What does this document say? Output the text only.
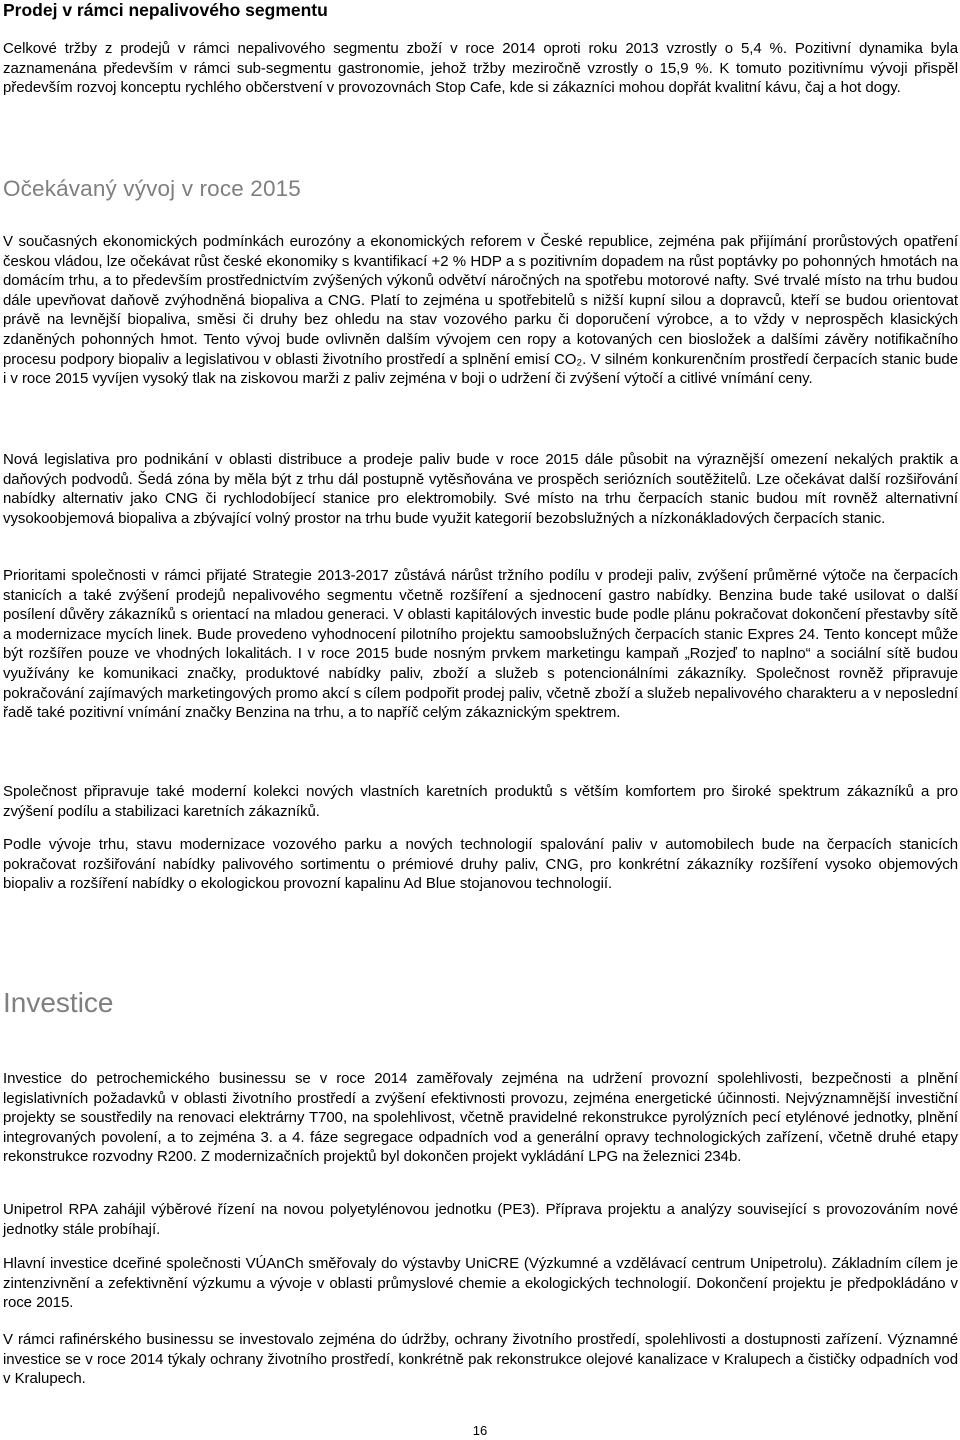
Prodej v rámci nepalivového segmentu

Celkové tržby z prodejů v rámci nepalivového segmentu zboží v roce 2014 oproti roku 2013 vzrostly o 5,4 %. Pozitivní dynamika byla zaznamenána především v rámci sub-segmentu gastronomie, jehož tržby meziročně vzrostly o 15,9 %. K tomuto pozitivnímu vývoji přispěl především rozvoj konceptu rychlého občerstvení v provozovnách Stop Cafe, kde si zákazníci mohou dopřát kvalitní kávu, čaj a hot dogy.

Očekávaný vývoj v roce 2015

V současných ekonomických podmínkách eurozóny a ekonomických reforem v České republice, zejména pak přijímání prorůstových opatření českou vládou, lze očekávat růst české ekonomiky s kvantifikací +2 % HDP a s pozitivním dopadem na růst poptávky po pohonných hmotách na domácím trhu, a to především prostřednictvím zvýšených výkonů odvětví náročných na spotřebu motorové nafty. Své trvalé místo na trhu budou dále upevňovat daňově zvýhodněná biopaliva a CNG. Platí to zejména u spotřebitelů s nižší kupní silou a dopravců, kteří se budou orientovat právě na levnější biopaliva, směsi či druhy bez ohledu na stav vozového parku či doporučení výrobce, a to vždy v neprospěch klasických zdaněných pohonných hmot. Tento vývoj bude ovlivněn dalším vývojem cen ropy a kotovaných cen biosložek a dalšími závěry notifikačního procesu podpory biopaliv a legislativou v oblasti životního prostředí a splnění emisí CO₂. V silném konkurenčním prostředí čerpacích stanic bude i v roce 2015 vyvíjen vysoký tlak na ziskovou marži z paliv zejména v boji o udržení či zvýšení výtočí a citlivé vnímání ceny.

Nová legislativa pro podnikání v oblasti distribuce a prodeje paliv bude v roce 2015 dále působit na výraznější omezení nekalých praktik a daňových podvodů. Šedá zóna by měla být z trhu dál postupně vytěsňována ve prospěch seriózních soutěžitelů. Lze očekávat další rozšiřování nabídky alternativ jako CNG či rychlodobíjecí stanice pro elektromobily. Své místo na trhu čerpacích stanic budou mít rovněž alternativní vysokoobjemová biopaliva a zbývající volný prostor na trhu bude využit kategorií bezobslužných a nízkonákladových čerpacích stanic.

Prioritami společnosti v rámci přijaté Strategie 2013-2017 zůstává nárůst tržního podílu v prodeji paliv, zvýšení průměrné výtoče na čerpacích stanicích a také zvýšení prodejů nepalivového segmentu včetně rozšíření a sjednocení gastro nabídky. Benzina bude také usilovat o další posílení důvěry zákazníků s orientací na mladou generaci. V oblasti kapitálových investic bude podle plánu pokračovat dokončení přestavby sítě a modernizace mycích linek. Bude provedeno vyhodnocení pilotního projektu samoobslužných čerpacích stanic Expres 24. Tento koncept může být rozšířen pouze ve vhodných lokalitách. I v roce 2015 bude nosným prvkem marketingu kampaň „Rozjeď to naplno“ a sociální sítě budou využívány ke komunikaci značky, produktové nabídky paliv, zboží a služeb s potencionálními zákazníky. Společnost rovněž připravuje pokračování zajímavých marketingových promo akcí s cílem podpořit prodej paliv, včetně zboží a služeb nepalivového charakteru a v neposlední řadě také pozitivní vnímání značky Benzina na trhu, a to napříč celým zákaznickým spektrem.

Společnost připravuje také moderní kolekci nových vlastních karetních produktů s větším komfortem pro široké spektrum zákazníků a pro zvýšení podílu a stabilizaci karetních zákazníků.

Podle vývoje trhu, stavu modernizace vozového parku a nových technologií spalování paliv v automobilech bude na čerpacích stanicích pokračovat rozšiřování nabídky palivového sortimentu o prémiové druhy paliv, CNG, pro konkrétní zákazníky rozšíření vysoko objemových biopaliv a rozšíření nabídky o ekologickou provozní kapalinu Ad Blue stojanovou technologií.

Investice

Investice do petrochemického businessu se v roce 2014 zaměřovaly zejména na udržení provozní spolehlivosti, bezpečnosti a plnění legislativních požadavků v oblasti životního prostředí a zvýšení efektivnosti provozu, zejména energetické účinnosti. Nejvýznamnější investiční projekty se soustředily na renovaci elektrárny T700, na spolehlivost, včetně pravidelné rekonstrukce pyrolýzních pecí etylénové jednotky, plnění integrovaných povolení, a to zejména 3. a 4. fáze segregace odpadních vod a generální opravy technologických zařízení, včetně druhé etapy rekonstrukce rozvodny R200. Z modernizačních projektů byl dokončen projekt vykládání LPG na železnici 234b.

Unipetrol RPA zahájil výběrové řízení na novou polyetylénovou jednotku (PE3). Příprava projektu a analýzy související s provozováním nové jednotky stále probíhají.

Hlavní investice dceřiné společnosti VÚAnCh směřovaly do výstavby UniCRE (Výzkumné a vzdělávací centrum Unipetrolu). Základním cílem je zintenzivnění a zefektivnění výzkumu a vývoje v oblasti průmyslové chemie a ekologických technologií. Dokončení projektu je předpokládáno v roce 2015.

V rámci rafinérského businessu se investovalo zejména do údržby, ochrany životního prostředí, spolehlivosti a dostupnosti zařízení. Významné investice se v roce 2014 týkaly ochrany životního prostředí, konkrétně pak rekonstrukce olejové kanalizace v Kralupech a čističky odpadních vod v Kralupech.

16
